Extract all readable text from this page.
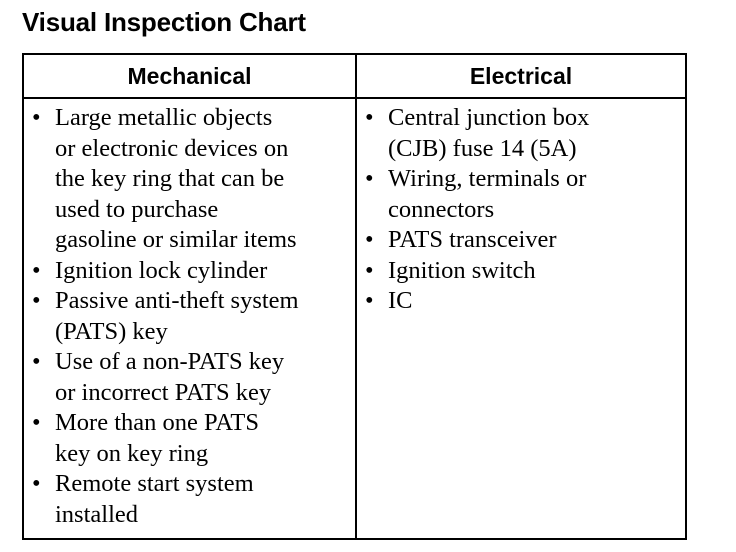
Visual Inspection Chart
Mechanical	Electrical
• Large metallic objects
or electronic devices on
the key ring that can be
used to purchase
gasoline or similar items
• Ignition lock cylinder
• Passive anti-theft system
(PATS) key
• Use of a non-PATS key
or incorrect PATS key
• More than one PATS
key on key ring
• Remote start system
installed
• Central junction box
(CJB) fuse 14 (5A)
• Wiring, terminals or
connectors
• PATS transceiver
• Ignition switch
• IC
